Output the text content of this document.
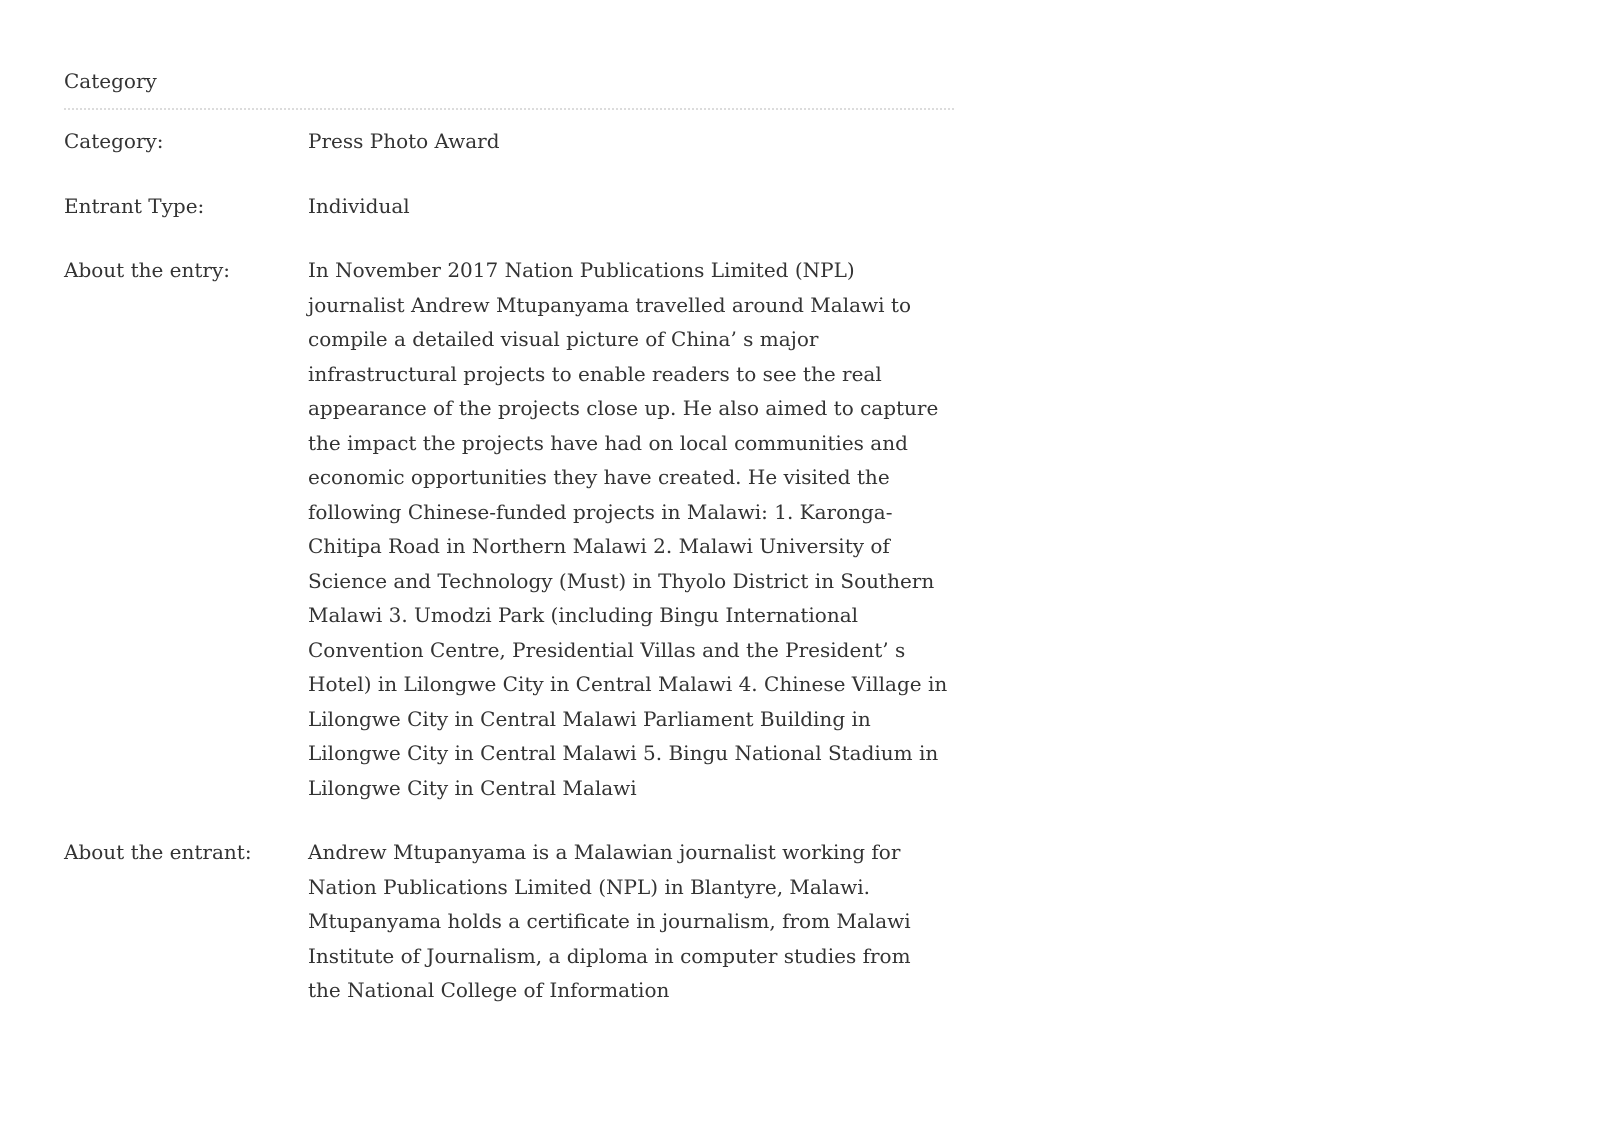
Category
Category:	Press Photo Award
Entrant Type:	Individual
About the entry:	In November 2017 Nation Publications Limited (NPL) journalist Andrew Mtupanyama travelled around Malawi to compile a detailed visual picture of China’ s major infrastructural projects to enable readers to see the real appearance of the projects close up. He also aimed to capture the impact the projects have had on local communities and economic opportunities they have created. He visited the following Chinese-funded projects in Malawi: 1. Karonga-Chitipa Road in Northern Malawi 2. Malawi University of Science and Technology (Must) in Thyolo District in Southern Malawi 3. Umodzi Park (including Bingu International Convention Centre, Presidential Villas and the President’ s Hotel) in Lilongwe City in Central Malawi 4. Chinese Village in Lilongwe City in Central Malawi Parliament Building in Lilongwe City in Central Malawi 5. Bingu National Stadium in Lilongwe City in Central Malawi
About the entrant:	Andrew Mtupanyama is a Malawian journalist working for Nation Publications Limited (NPL) in Blantyre, Malawi. Mtupanyama holds a certificate in journalism, from Malawi Institute of Journalism, a diploma in computer studies from the National College of Information
